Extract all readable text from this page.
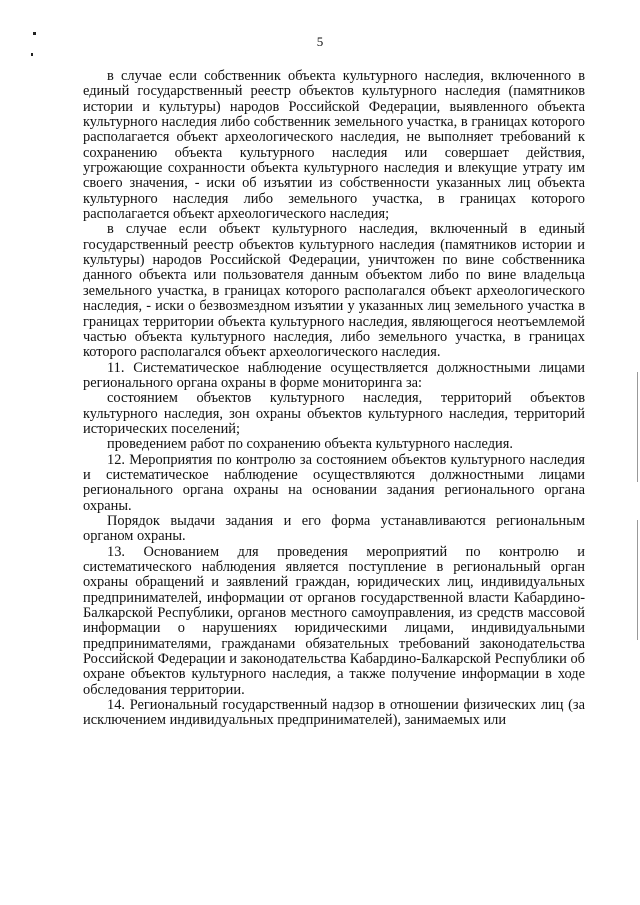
5

в случае если собственник объекта культурного наследия, включенного в единый государственный реестр объектов культурного наследия (памятников истории и культуры) народов Российской Федерации, выявленного объекта культурного наследия либо собственник земельного участка, в границах которого располагается объект археологического наследия, не выполняет требований к сохранению объекта культурного наследия или совершает действия, угрожающие сохранности объекта культурного наследия и влекущие утрату им своего значения, - иски об изъятии из собственности указанных лиц объекта культурного наследия либо земельного участка, в границах которого располагается объект археологического наследия;

в случае если объект культурного наследия, включенный в единый государственный реестр объектов культурного наследия (памятников истории и культуры) народов Российской Федерации, уничтожен по вине собственника данного объекта или пользователя данным объектом либо по вине владельца земельного участка, в границах которого располагался объект археологического наследия, - иски о безвозмездном изъятии у указанных лиц земельного участка в границах территории объекта культурного наследия, являющегося неотъемлемой частью объекта культурного наследия, либо земельного участка, в границах которого располагался объект археологического наследия.

11. Систематическое наблюдение осуществляется должностными лицами регионального органа охраны в форме мониторинга за:

состоянием объектов культурного наследия, территорий объектов культурного наследия, зон охраны объектов культурного наследия, территорий исторических поселений;

проведением работ по сохранению объекта культурного наследия.

12. Мероприятия по контролю за состоянием объектов культурного наследия и систематическое наблюдение осуществляются должностными лицами регионального органа охраны на основании задания регионального органа охраны.

Порядок выдачи задания и его форма устанавливаются региональным органом охраны.

13. Основанием для проведения мероприятий по контролю и систематического наблюдения является поступление в региональный орган охраны обращений и заявлений граждан, юридических лиц, индивидуальных предпринимателей, информации от органов государственной власти Кабардино-Балкарской Республики, органов местного самоуправления, из средств массовой информации о нарушениях юридическими лицами, индивидуальными предпринимателями, гражданами обязательных требований законодательства Российской Федерации и законодательства Кабардино-Балкарской Республики об охране объектов культурного наследия, а также получение информации в ходе обследования территории.

14. Региональный государственный надзор в отношении физических лиц (за исключением индивидуальных предпринимателей), занимаемых или
